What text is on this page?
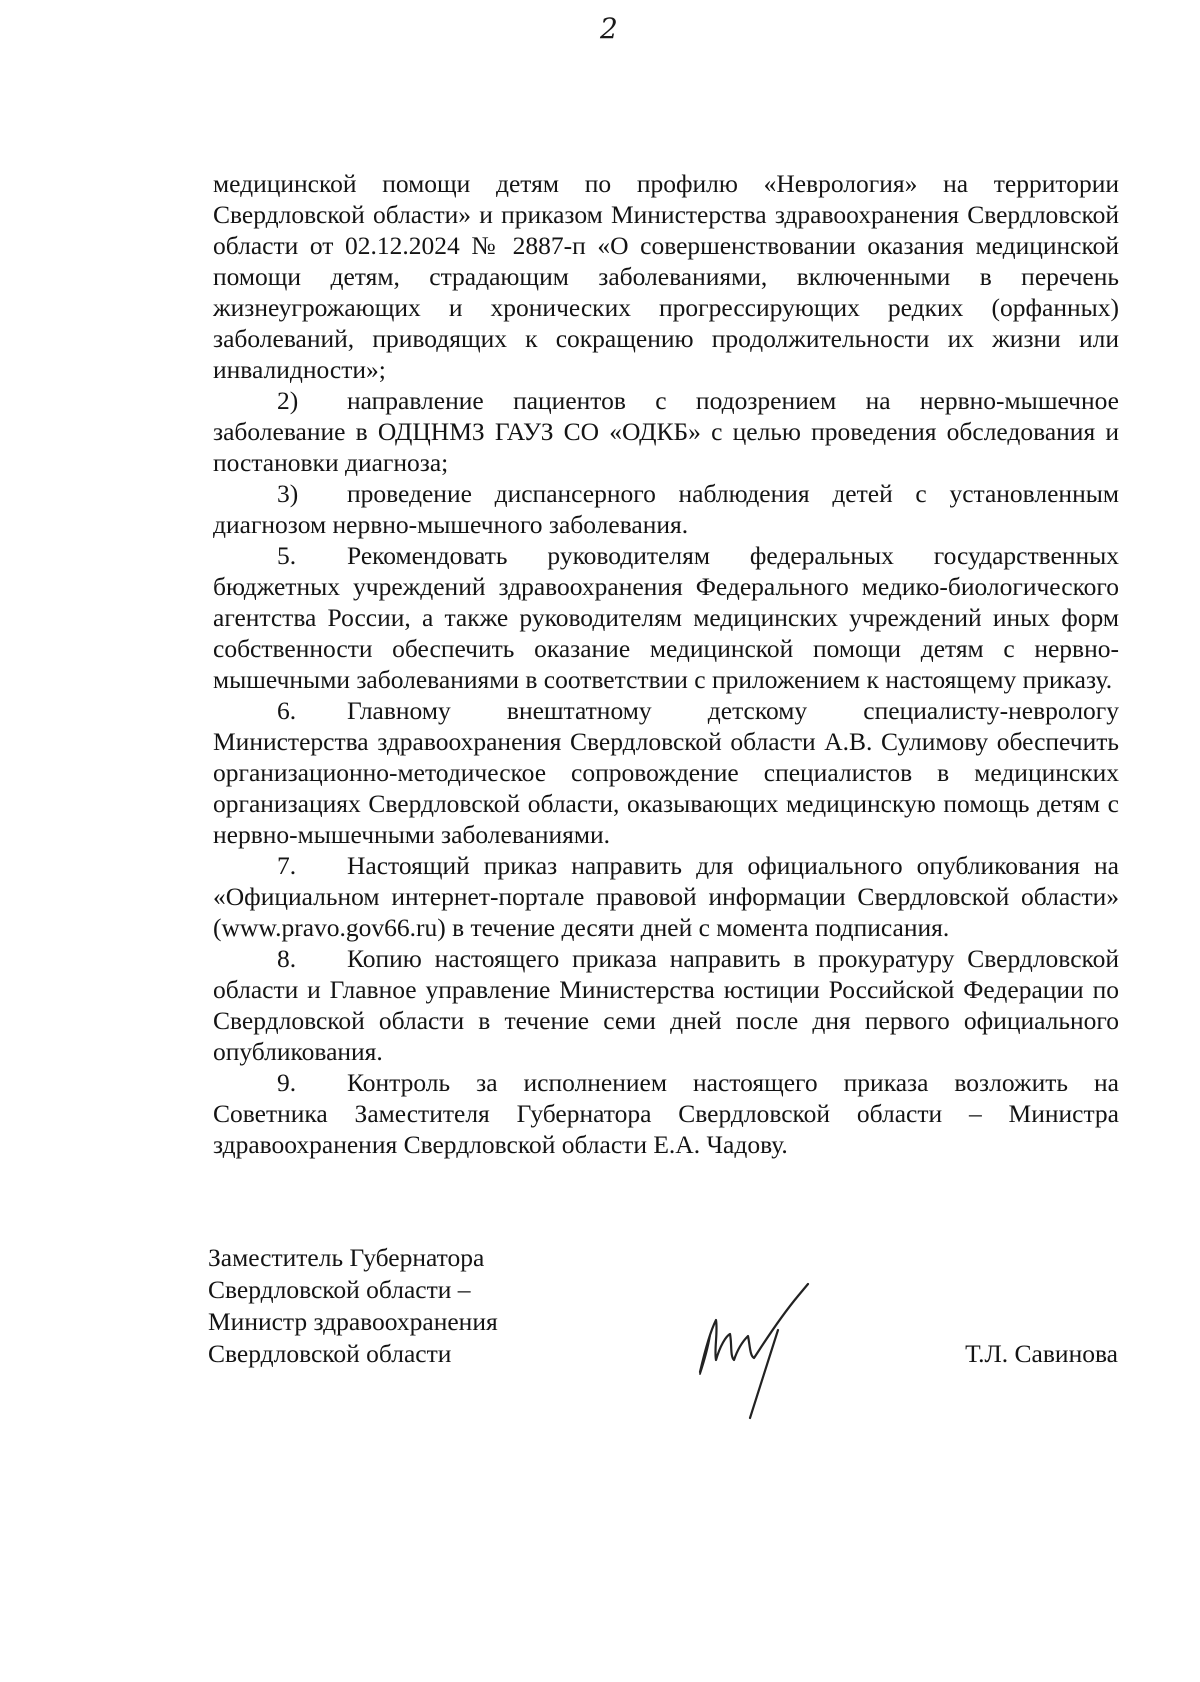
2

медицинской помощи детям по профилю «Неврология» на территории Свердловской области» и приказом Министерства здравоохранения Свердловской области от 02.12.2024 № 2887-п «О совершенствовании оказания медицинской помощи детям, страдающим заболеваниями, включенными в перечень жизнеугрожающих и хронических прогрессирующих редких (орфанных) заболеваний, приводящих к сокращению продолжительности их жизни или инвалидности»;

2) направление пациентов с подозрением на нервно-мышечное заболевание в ОДЦНМЗ ГАУЗ СО «ОДКБ» с целью проведения обследования и постановки диагноза;

3) проведение диспансерного наблюдения детей с установленным диагнозом нервно-мышечного заболевания.

5. Рекомендовать руководителям федеральных государственных бюджетных учреждений здравоохранения Федерального медико-биологического агентства России, а также руководителям медицинских учреждений иных форм собственности обеспечить оказание медицинской помощи детям с нервно-мышечными заболеваниями в соответствии с приложением к настоящему приказу.

6. Главному внештатному детскому специалисту-неврологу Министерства здравоохранения Свердловской области А.В. Сулимову обеспечить организационно-методическое сопровождение специалистов в медицинских организациях Свердловской области, оказывающих медицинскую помощь детям с нервно-мышечными заболеваниями.

7. Настоящий приказ направить для официального опубликования на «Официальном интернет-портале правовой информации Свердловской области» (www.pravo.gov66.ru) в течение десяти дней с момента подписания.

8. Копию настоящего приказа направить в прокуратуру Свердловской области и Главное управление Министерства юстиции Российской Федерации по Свердловской области в течение семи дней после дня первого официального опубликования.

9. Контроль за исполнением настоящего приказа возложить на Советника Заместителя Губернатора Свердловской области – Министра здравоохранения Свердловской области Е.А. Чадову.

Заместитель Губернатора
Свердловской области –
Министр здравоохранения
Свердловской области	Т.Л. Савинова
